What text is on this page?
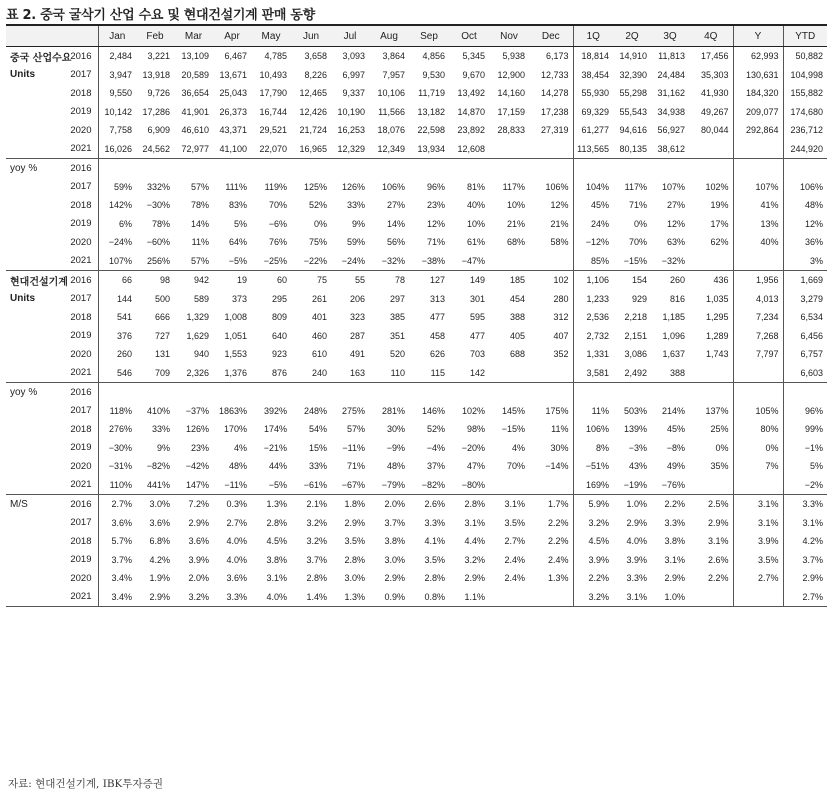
표 2. 중국 굴삭기 산업 수요 및 현대건설기계 판매 동향
		Jan	Feb	Mar	Apr	May	Jun	Jul	Aug	Sep	Oct	Nov	Dec	1Q	2Q	3Q	4Q	Y	YTD
중국 산업수요	2016	2,484	3,221	13,109	6,467	4,785	3,658	3,093	3,864	4,856	5,345	5,938	6,173	18,814	14,910	11,813	17,456	62,993	50,882
Units	2017	3,947	13,918	20,589	13,671	10,493	8,226	6,997	7,957	9,530	9,670	12,900	12,733	38,454	32,390	24,484	35,303	130,631	104,998
	2018	9,550	9,726	36,654	25,043	17,790	12,465	9,337	10,106	11,719	13,492	14,160	14,278	55,930	55,298	31,162	41,930	184,320	155,882
	2019	10,142	17,286	41,901	26,373	16,744	12,426	10,190	11,566	13,182	14,870	17,159	17,238	69,329	55,543	34,938	49,267	209,077	174,680
	2020	7,758	6,909	46,610	43,371	29,521	21,724	16,253	18,076	22,598	23,892	28,833	27,319	61,277	94,616	56,927	80,044	292,864	236,712
	2021	16,026	24,562	72,977	41,100	22,070	16,965	12,329	12,349	13,934	12,608			113,565	80,135	38,612			244,920
yoy %	2016																		
	2017	59%	332%	57%	111%	119%	125%	126%	106%	96%	81%	117%	106%	104%	117%	107%	102%	107%	106%
	2018	142%	−30%	78%	83%	70%	52%	33%	27%	23%	40%	10%	12%	45%	71%	27%	19%	41%	48%
	2019	6%	78%	14%	5%	−6%	0%	9%	14%	12%	10%	21%	21%	24%	0%	12%	17%	13%	12%
	2020	−24%	−60%	11%	64%	76%	75%	59%	56%	71%	61%	68%	58%	−12%	70%	63%	62%	40%	36%
	2021	107%	256%	57%	−5%	−25%	−22%	−24%	−32%	−38%	−47%			85%	−15%	−32%			3%
현대건설기계	2016	66	98	942	19	60	75	55	78	127	149	185	102	1,106	154	260	436	1,956	1,669
Units	2017	144	500	589	373	295	261	206	297	313	301	454	280	1,233	929	816	1,035	4,013	3,279
	2018	541	666	1,329	1,008	809	401	323	385	477	595	388	312	2,536	2,218	1,185	1,295	7,234	6,534
	2019	376	727	1,629	1,051	640	460	287	351	458	477	405	407	2,732	2,151	1,096	1,289	7,268	6,456
	2020	260	131	940	1,553	923	610	491	520	626	703	688	352	1,331	3,086	1,637	1,743	7,797	6,757
	2021	546	709	2,326	1,376	876	240	163	110	115	142			3,581	2,492	388			6,603
yoy %	2016																		
	2017	118%	410%	−37%	1863%	392%	248%	275%	281%	146%	102%	145%	175%	11%	503%	214%	137%	105%	96%
	2018	276%	33%	126%	170%	174%	54%	57%	30%	52%	98%	−15%	11%	106%	139%	45%	25%	80%	99%
	2019	−30%	9%	23%	4%	−21%	15%	−11%	−9%	−4%	−20%	4%	30%	8%	−3%	−8%	0%	0%	−1%
	2020	−31%	−82%	−42%	48%	44%	33%	71%	48%	37%	47%	70%	−14%	−51%	43%	49%	35%	7%	5%
	2021	110%	441%	147%	−11%	−5%	−61%	−67%	−79%	−82%	−80%			169%	−19%	−76%			−2%
M/S	2016	2.7%	3.0%	7.2%	0.3%	1.3%	2.1%	1.8%	2.0%	2.6%	2.8%	3.1%	1.7%	5.9%	1.0%	2.2%	2.5%	3.1%	3.3%
	2017	3.6%	3.6%	2.9%	2.7%	2.8%	3.2%	2.9%	3.7%	3.3%	3.1%	3.5%	2.2%	3.2%	2.9%	3.3%	2.9%	3.1%	3.1%
	2018	5.7%	6.8%	3.6%	4.0%	4.5%	3.2%	3.5%	3.8%	4.1%	4.4%	2.7%	2.2%	4.5%	4.0%	3.8%	3.1%	3.9%	4.2%
	2019	3.7%	4.2%	3.9%	4.0%	3.8%	3.7%	2.8%	3.0%	3.5%	3.2%	2.4%	2.4%	3.9%	3.9%	3.1%	2.6%	3.5%	3.7%
	2020	3.4%	1.9%	2.0%	3.6%	3.1%	2.8%	3.0%	2.9%	2.8%	2.9%	2.4%	1.3%	2.2%	3.3%	2.9%	2.2%	2.7%	2.9%
	2021	3.4%	2.9%	3.2%	3.3%	4.0%	1.4%	1.3%	0.9%	0.8%	1.1%			3.2%	3.1%	1.0%			2.7%
자료: 현대건설기계, IBK투자증권
